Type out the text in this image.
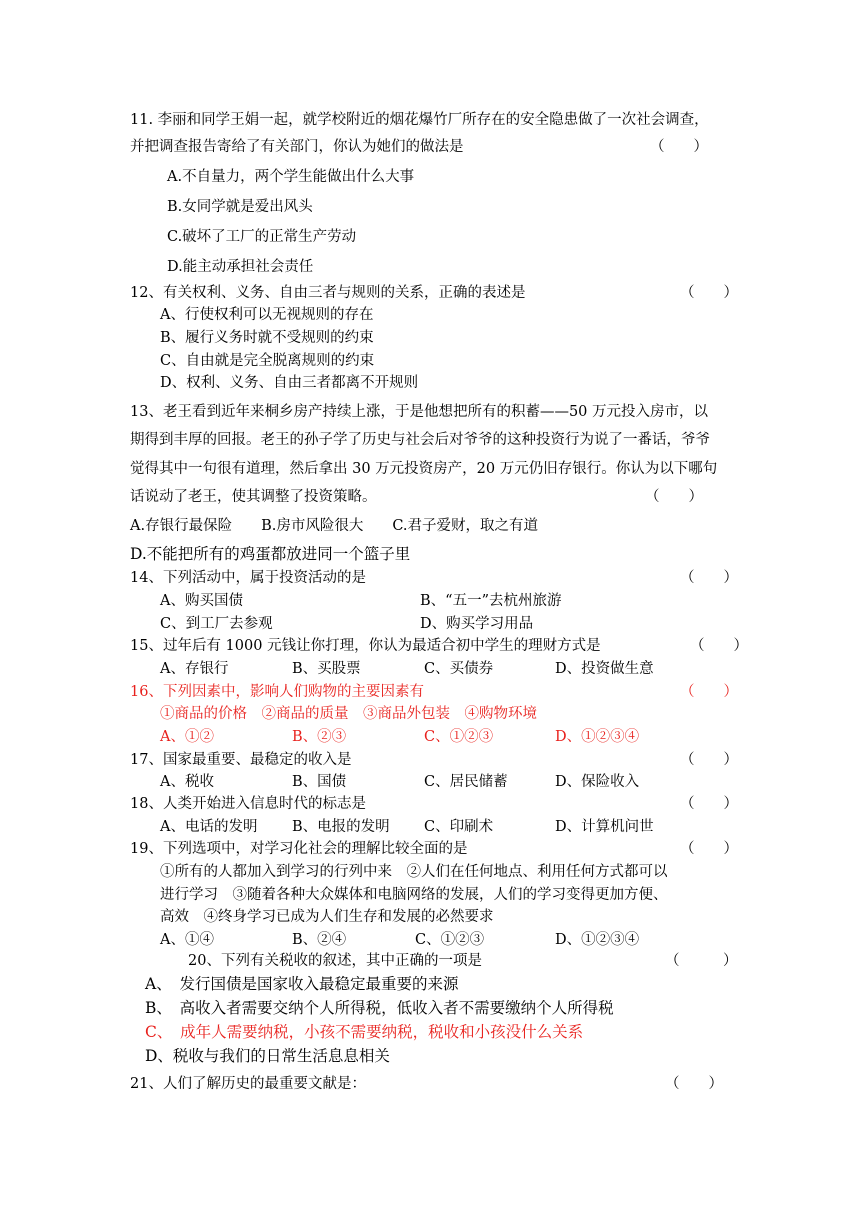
11. 李丽和同学王娟一起，就学校附近的烟花爆竹厂所存在的安全隐患做了一次社会调查，
并把调查报告寄给了有关部门，你认为她们的做法是	（　　）
A.不自量力，两个学生能做出什么大事
B.女同学就是爱出风头
C.破坏了工厂的正常生产劳动
D.能主动承担社会责任
12、有关权利、义务、自由三者与规则的关系，正确的表述是	（　　）
A、行使权利可以无视规则的存在
B、履行义务时就不受规则的约束
C、自由就是完全脱离规则的约束
D、权利、义务、自由三者都离不开规则
13、老王看到近年来桐乡房产持续上涨，于是他想把所有的积蓄——50 万元投入房市，以
期得到丰厚的回报。老王的孙子学了历史与社会后对爷爷的这种投资行为说了一番话，爷爷
觉得其中一句很有道理，然后拿出 30 万元投资房产，20 万元仍旧存银行。你认为以下哪句
话说动了老王，使其调整了投资策略。	（　　）
A.存银行最保险　　B.房市风险很大　　C.君子爱财，取之有道
D.不能把所有的鸡蛋都放进同一个篮子里
14、下列活动中，属于投资活动的是	（　　）
A、购买国债	B、“五一”去杭州旅游
C、到工厂去参观	D、购买学习用品
15、过年后有 1000 元钱让你打理，你认为最适合初中学生的理财方式是	（　　）
A、存银行	B、买股票	C、买债券	D、投资做生意
16、下列因素中，影响人们购物的主要因素有	（　　）
①商品的价格　②商品的质量　③商品外包装　④购物环境
A、①②	B、②③	C、①②③	D、①②③④
17、国家最重要、最稳定的收入是	（　　）
A、税收	B、国债	C、居民储蓄	D、保险收入
18、人类开始进入信息时代的标志是	（　　）
A、电话的发明 B、电报的发明 C、印刷术	D、计算机问世
19、下列选项中，对学习化社会的理解比较全面的是	（　　）
①所有的人都加入到学习的行列中来　②人们在任何地点、利用任何方式都可以
进行学习　③随着各种大众媒体和电脑网络的发展，人们的学习变得更加方便、
高效　④终身学习已成为人们生存和发展的必然要求
A、①④	B、②④	C、①②③	D、①②③④
20、下列有关税收的叙述，其中正确的一项是	（　　　）
A、　发行国债是国家收入最稳定最重要的来源
B、　高收入者需要交纳个人所得税，低收入者不需要缴纳个人所得税
C、　成年人需要纳税，小孩不需要纳税，税收和小孩没什么关系
D、税收与我们的日常生活息息相关
21、人们了解历史的最重要文献是：	（　　）
